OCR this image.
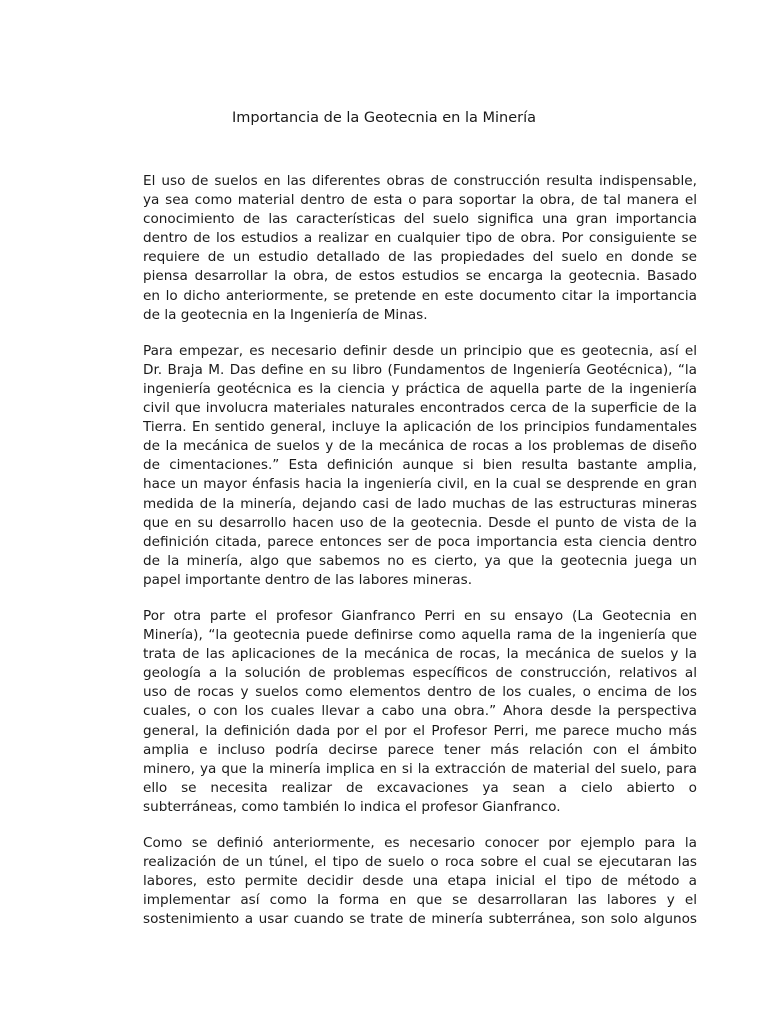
Importancia de la Geotecnia en la Minería
El uso de suelos en las diferentes obras de construcción resulta indispensable,
ya sea como material dentro de esta o para soportar la obra, de tal manera el
conocimiento de las características del suelo significa una gran importancia
dentro de los estudios a realizar en cualquier tipo de obra. Por consiguiente se
requiere de un estudio detallado de las propiedades del suelo en donde se
piensa desarrollar la obra, de estos estudios se encarga la geotecnia. Basado
en lo dicho anteriormente, se pretende en este documento citar la importancia
de la geotecnia en la Ingeniería de Minas.
Para empezar, es necesario definir desde un principio que es geotecnia, así el
Dr. Braja M. Das define en su libro (Fundamentos de Ingeniería Geotécnica), “la
ingeniería geotécnica es la ciencia y práctica de aquella parte de la ingeniería
civil que involucra materiales naturales encontrados cerca de la superficie de la
Tierra. En sentido general, incluye la aplicación de los principios fundamentales
de la mecánica de suelos y de la mecánica de rocas a los problemas de diseño
de cimentaciones.” Esta definición aunque si bien resulta bastante amplia,
hace un mayor énfasis hacia la ingeniería civil, en la cual se desprende en gran
medida de la minería, dejando casi de lado muchas de las estructuras mineras
que en su desarrollo hacen uso de la geotecnia. Desde el punto de vista de la
definición citada, parece entonces ser de poca importancia esta ciencia dentro
de la minería, algo que sabemos no es cierto, ya que la geotecnia juega un
papel importante dentro de las labores mineras.
Por otra parte el profesor Gianfranco Perri en su ensayo (La Geotecnia en
Minería), “la geotecnia puede definirse como aquella rama de la ingeniería que
trata de las aplicaciones de la mecánica de rocas, la mecánica de suelos y la
geología a la solución de problemas específicos de construcción, relativos al
uso de rocas y suelos como elementos dentro de los cuales, o encima de los
cuales, o con los cuales llevar a cabo una obra.” Ahora desde la perspectiva
general, la definición dada por el por el Profesor Perri, me parece mucho más
amplia e incluso podría decirse parece tener más relación con el ámbito
minero, ya que la minería implica en si la extracción de material del suelo, para
ello se necesita realizar de excavaciones ya sean a cielo abierto o
subterráneas, como también lo indica el profesor Gianfranco.
Como se definió anteriormente, es necesario conocer por ejemplo para la
realización de un túnel, el tipo de suelo o roca sobre el cual se ejecutaran las
labores, esto permite decidir desde una etapa inicial el tipo de método a
implementar así como la forma en que se desarrollaran las labores y el
sostenimiento a usar cuando se trate de minería subterránea, son solo algunos
